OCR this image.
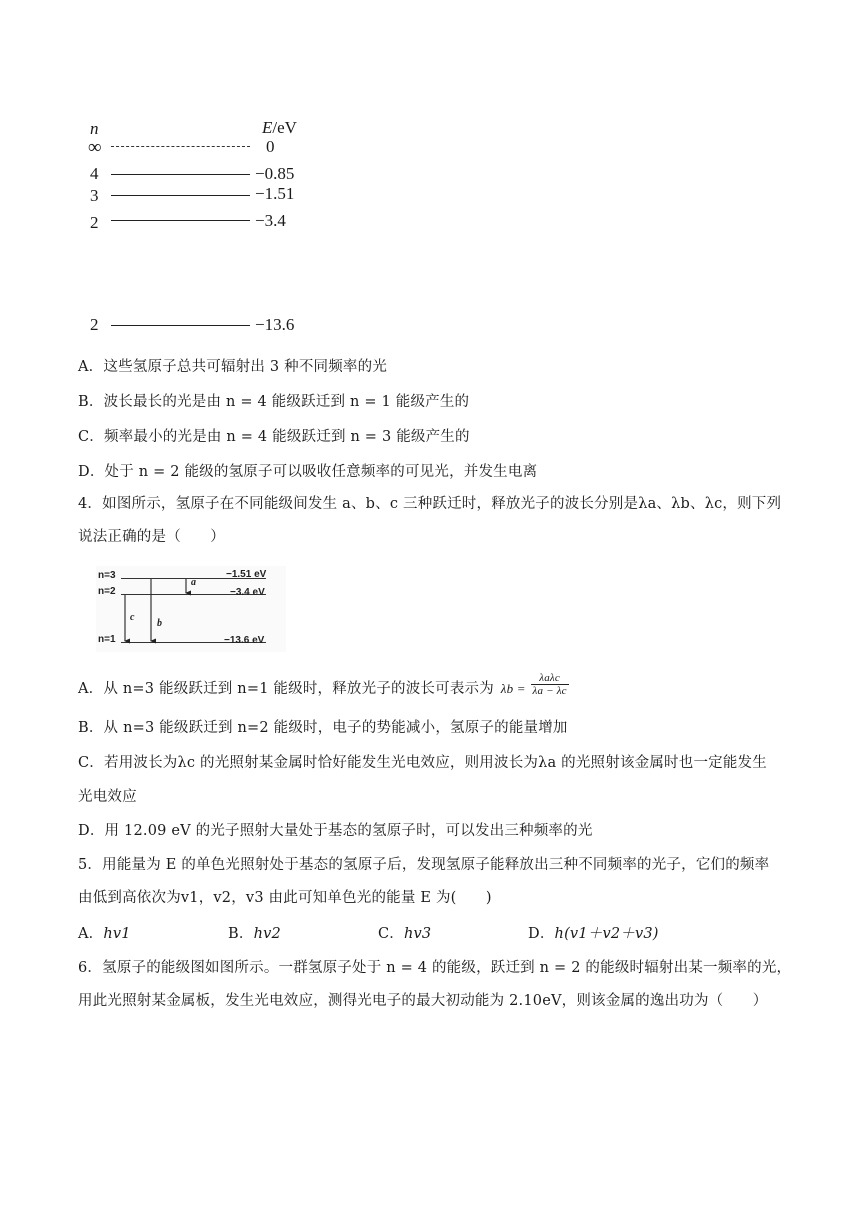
n	E/eV
∞	0
4	−0.85
3	−1.51
2	−3.4
2	−13.6
A．这些氢原子总共可辐射出 3 种不同频率的光
B．波长最长的光是由 n = 4 能级跃迁到 n = 1 能级产生的
C．频率最小的光是由 n = 4 能级跃迁到 n = 3 能级产生的
D．处于 n = 2 能级的氢原子可以吸收任意频率的可见光，并发生电离
4．如图所示，氢原子在不同能级间发生 a、b、c 三种跃迁时，释放光子的波长分别是λa、λb、λc，则下列
说法正确的是（　　）
n=3	−1.51 eV
n=2	−3.4 eV
n=1	−13.6 eV
a
b
c
A．从 n=3 能级跃迁到 n=1 能级时，释放光子的波长可表示为 $\lambda b = \frac{\text{λaλc}}{\lambda a - \lambda c}$
B．从 n=3 能级跃迁到 n=2 能级时，电子的势能减小，氢原子的能量增加
C．若用波长为λc 的光照射某金属时恰好能发生光电效应，则用波长为λa 的光照射该金属时也一定能发生
光电效应
D．用 12.09 eV 的光子照射大量处于基态的氢原子时，可以发出三种频率的光
5．用能量为 E 的单色光照射处于基态的氢原子后，发现氢原子能释放出三种不同频率的光子，它们的频率
由低到高依次为v1，v2，v3 由此可知单色光的能量 E 为(　　)
A．hv1	B．hv2	C．hv3	D．h(v1＋v2＋v3)
6．氢原子的能级图如图所示。一群氢原子处于 n = 4 的能级，跃迁到 n = 2 的能级时辐射出某一频率的光，
用此光照射某金属板，发生光电效应，测得光电子的最大初动能为 2.10eV，则该金属的逸出功为（　　）
